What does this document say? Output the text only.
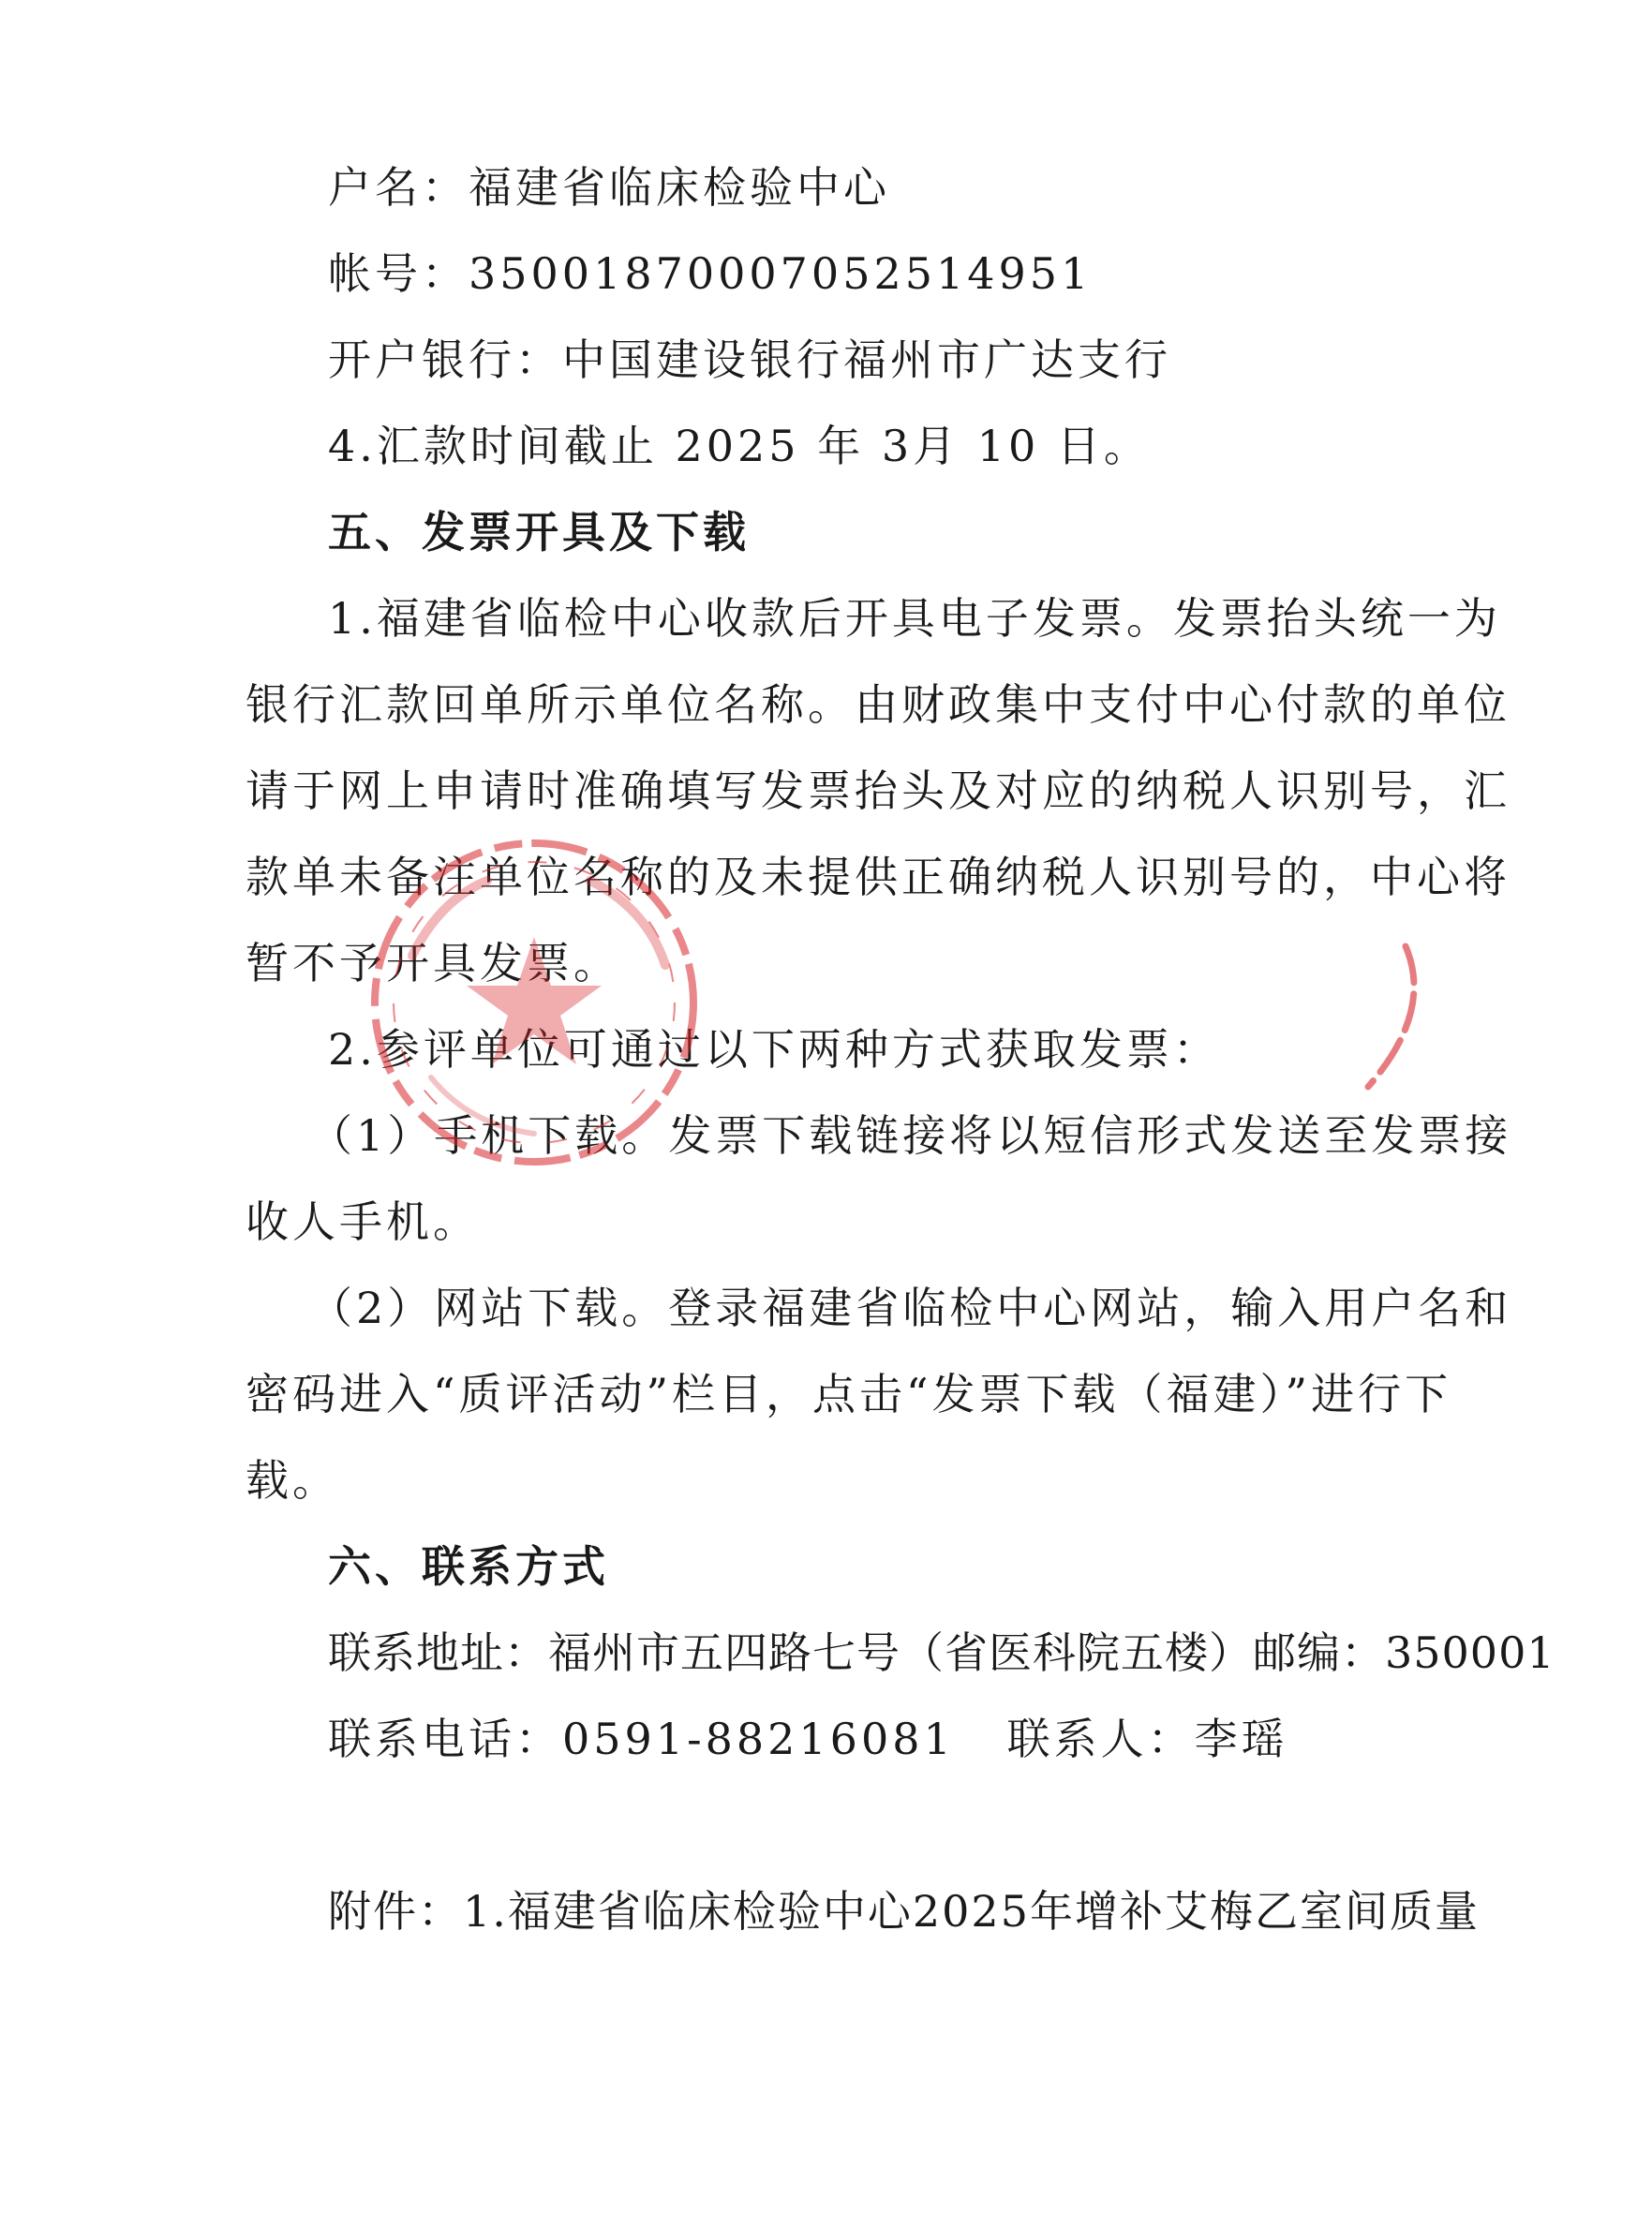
户名：福建省临床检验中心
帐号：35001870007052514951
开户银行：中国建设银行福州市广达支行
4.汇款时间截止 2025 年 3月 10 日。
五、发票开具及下载
1.福建省临检中心收款后开具电子发票。发票抬头统一为
银行汇款回单所示单位名称。由财政集中支付中心付款的单位
请于网上申请时准确填写发票抬头及对应的纳税人识别号，汇
款单未备注单位名称的及未提供正确纳税人识别号的，中心将
暂不予开具发票。
2.参评单位可通过以下两种方式获取发票：
（1）手机下载。发票下载链接将以短信形式发送至发票接
收人手机。
（2）网站下载。登录福建省临检中心网站，输入用户名和
密码进入“质评活动”栏目，点击“发票下载（福建）”进行下
载。
六、联系方式
联系地址：福州市五四路七号（省医科院五楼）邮编：350001
联系电话：0591-88216081   联系人：李瑶
附件：1.福建省临床检验中心2025年增补艾梅乙室间质量
